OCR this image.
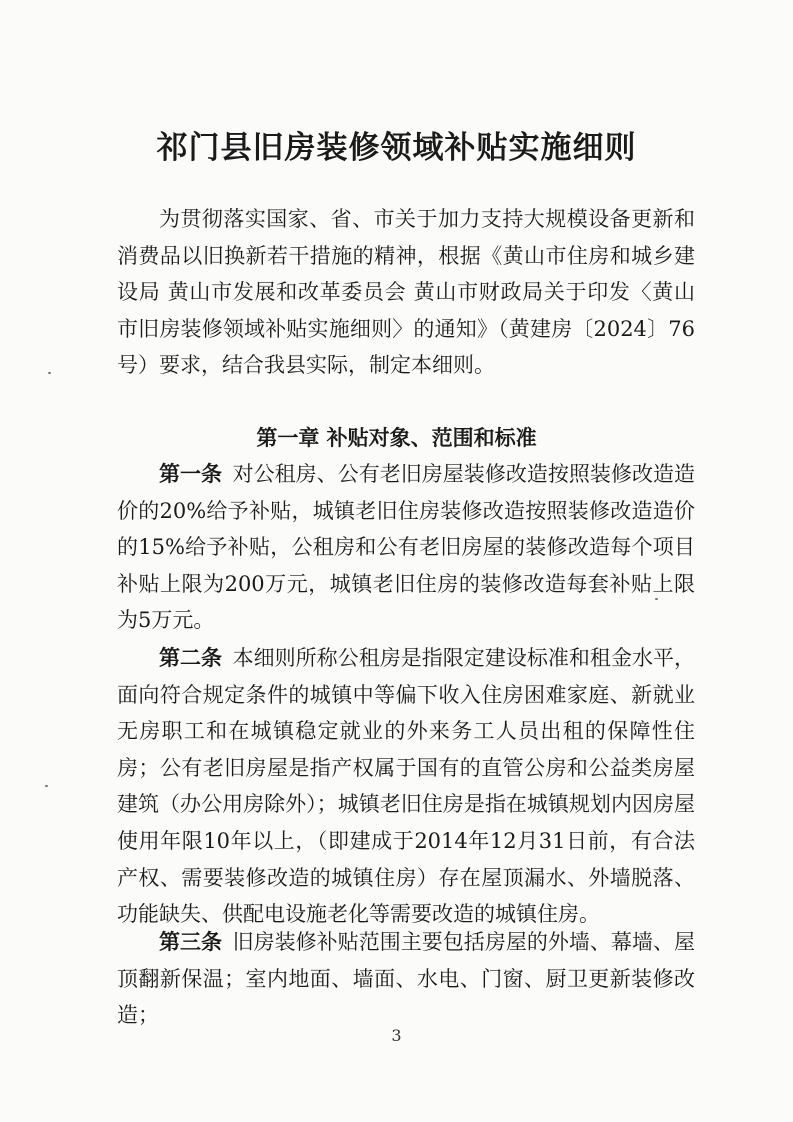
祁门县旧房装修领域补贴实施细则

为贯彻落实国家、省、市关于加力支持大规模设备更新和消费品以旧换新若干措施的精神，根据《黄山市住房和城乡建设局 黄山市发展和改革委员会 黄山市财政局关于印发〈黄山市旧房装修领域补贴实施细则〉的通知》（黄建房〔2024〕76号）要求，结合我县实际，制定本细则。

第一章 补贴对象、范围和标准

第一条  对公租房、公有老旧房屋装修改造按照装修改造造价的20%给予补贴，城镇老旧住房装修改造按照装修改造造价的15%给予补贴，公租房和公有老旧房屋的装修改造每个项目补贴上限为200万元，城镇老旧住房的装修改造每套补贴上限为5万元。

第二条  本细则所称公租房是指限定建设标准和租金水平，面向符合规定条件的城镇中等偏下收入住房困难家庭、新就业无房职工和在城镇稳定就业的外来务工人员出租的保障性住房；公有老旧房屋是指产权属于国有的直管公房和公益类房屋建筑（办公用房除外）；城镇老旧住房是指在城镇规划内因房屋使用年限10年以上，（即建成于2014年12月31日前，有合法产权、需要装修改造的城镇住房）存在屋顶漏水、外墙脱落、功能缺失、供配电设施老化等需要改造的城镇住房。

第三条  旧房装修补贴范围主要包括房屋的外墙、幕墙、屋顶翻新保温；室内地面、墙面、水电、门窗、厨卫更新装修改造；

3
